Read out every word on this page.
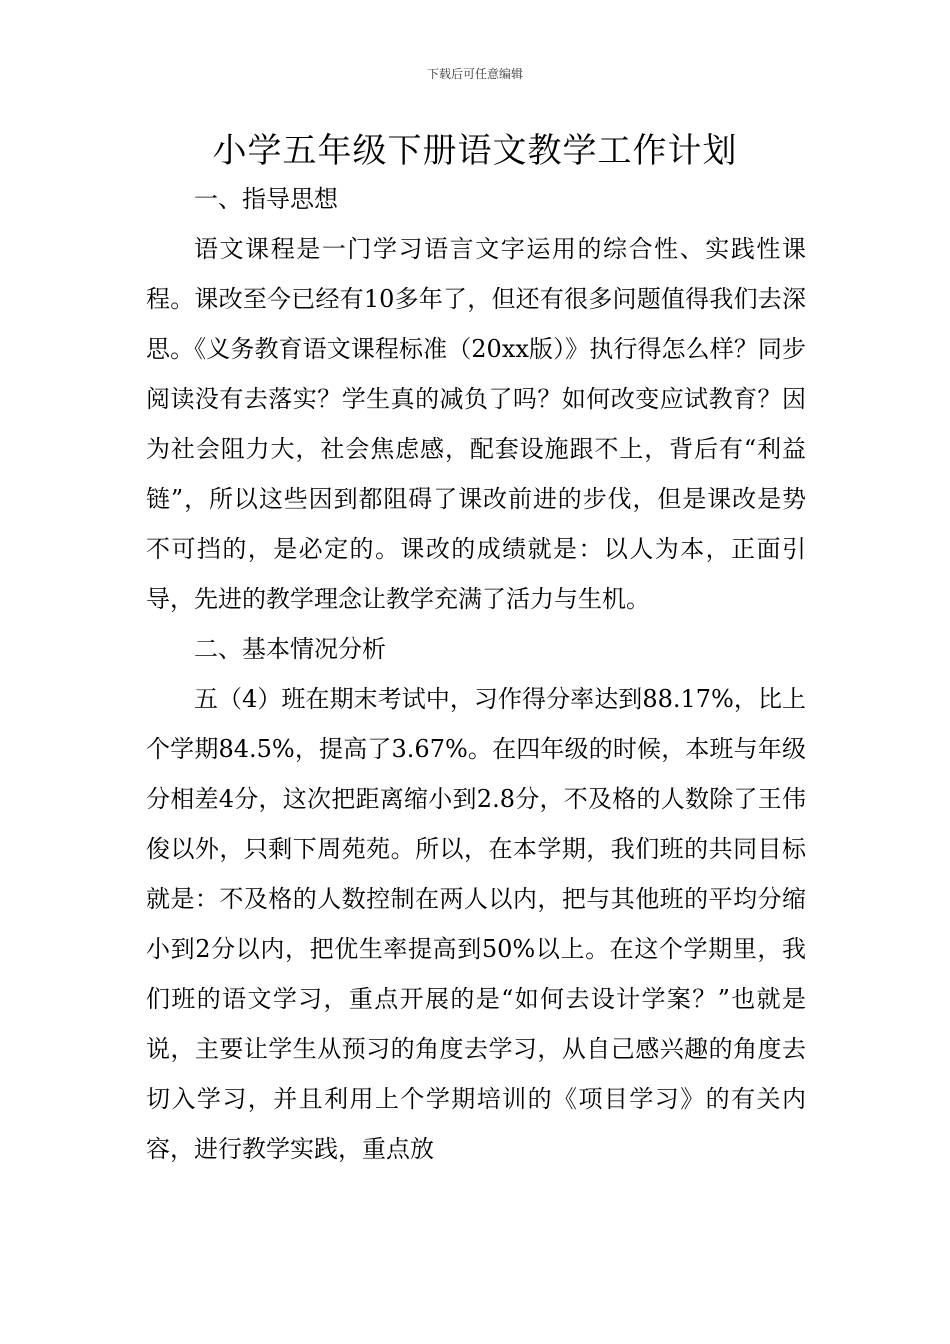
下载后可任意编辑
小学五年级下册语文教学工作计划

一、指导思想

语文课程是一门学习语言文字运用的综合性、实践性课程。课改至今已经有10多年了，但还有很多问题值得我们去深思。《义务教育语文课程标准（20xx版）》执行得怎么样？同步阅读没有去落实？学生真的减负了吗？如何改变应试教育？因为社会阻力大，社会焦虑感，配套设施跟不上，背后有“利益链”，所以这些因到都阻碍了课改前进的步伐，但是课改是势不可挡的，是必定的。课改的成绩就是：以人为本，正面引导，先进的教学理念让教学充满了活力与生机。

二、基本情况分析

五（4）班在期末考试中，习作得分率达到88.17%，比上个学期84.5%，提高了3.67%。在四年级的时候，本班与年级分相差4分，这次把距离缩小到2.8分，不及格的人数除了王伟俊以外，只剩下周苑苑。所以，在本学期，我们班的共同目标就是：不及格的人数控制在两人以内，把与其他班的平均分缩小到2分以内，把优生率提高到50%以上。在这个学期里，我们班的语文学习，重点开展的是“如何去设计学案？”也就是说，主要让学生从预习的角度去学习，从自己感兴趣的角度去切入学习，并且利用上个学期培训的《项目学习》的有关内容，进行教学实践，重点放
